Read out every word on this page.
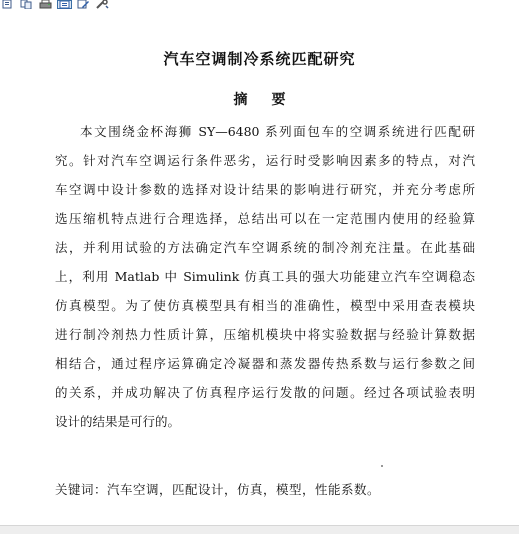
汽车空调制冷系统匹配研究
摘要
本文围绕金杯海狮 SY—6480 系列面包车的空调系统进行匹配研
究。针对汽车空调运行条件恶劣，运行时受影响因素多的特点，对汽
车空调中设计参数的选择对设计结果的影响进行研究，并充分考虑所
选压缩机特点进行合理选择，总结出可以在一定范围内使用的经验算
法，并利用试验的方法确定汽车空调系统的制冷剂充注量。在此基础
上，利用 Matlab 中 Simulink 仿真工具的强大功能建立汽车空调稳态
仿真模型。为了使仿真模型具有相当的准确性，模型中采用查表模块
进行制冷剂热力性质计算，压缩机模块中将实验数据与经验计算数据
相结合，通过程序运算确定冷凝器和蒸发器传热系数与运行参数之间
的关系，并成功解决了仿真程序运行发散的问题。经过各项试验表明
设计的结果是可行的。
关键词：汽车空调，匹配设计，仿真，模型，性能系数。
